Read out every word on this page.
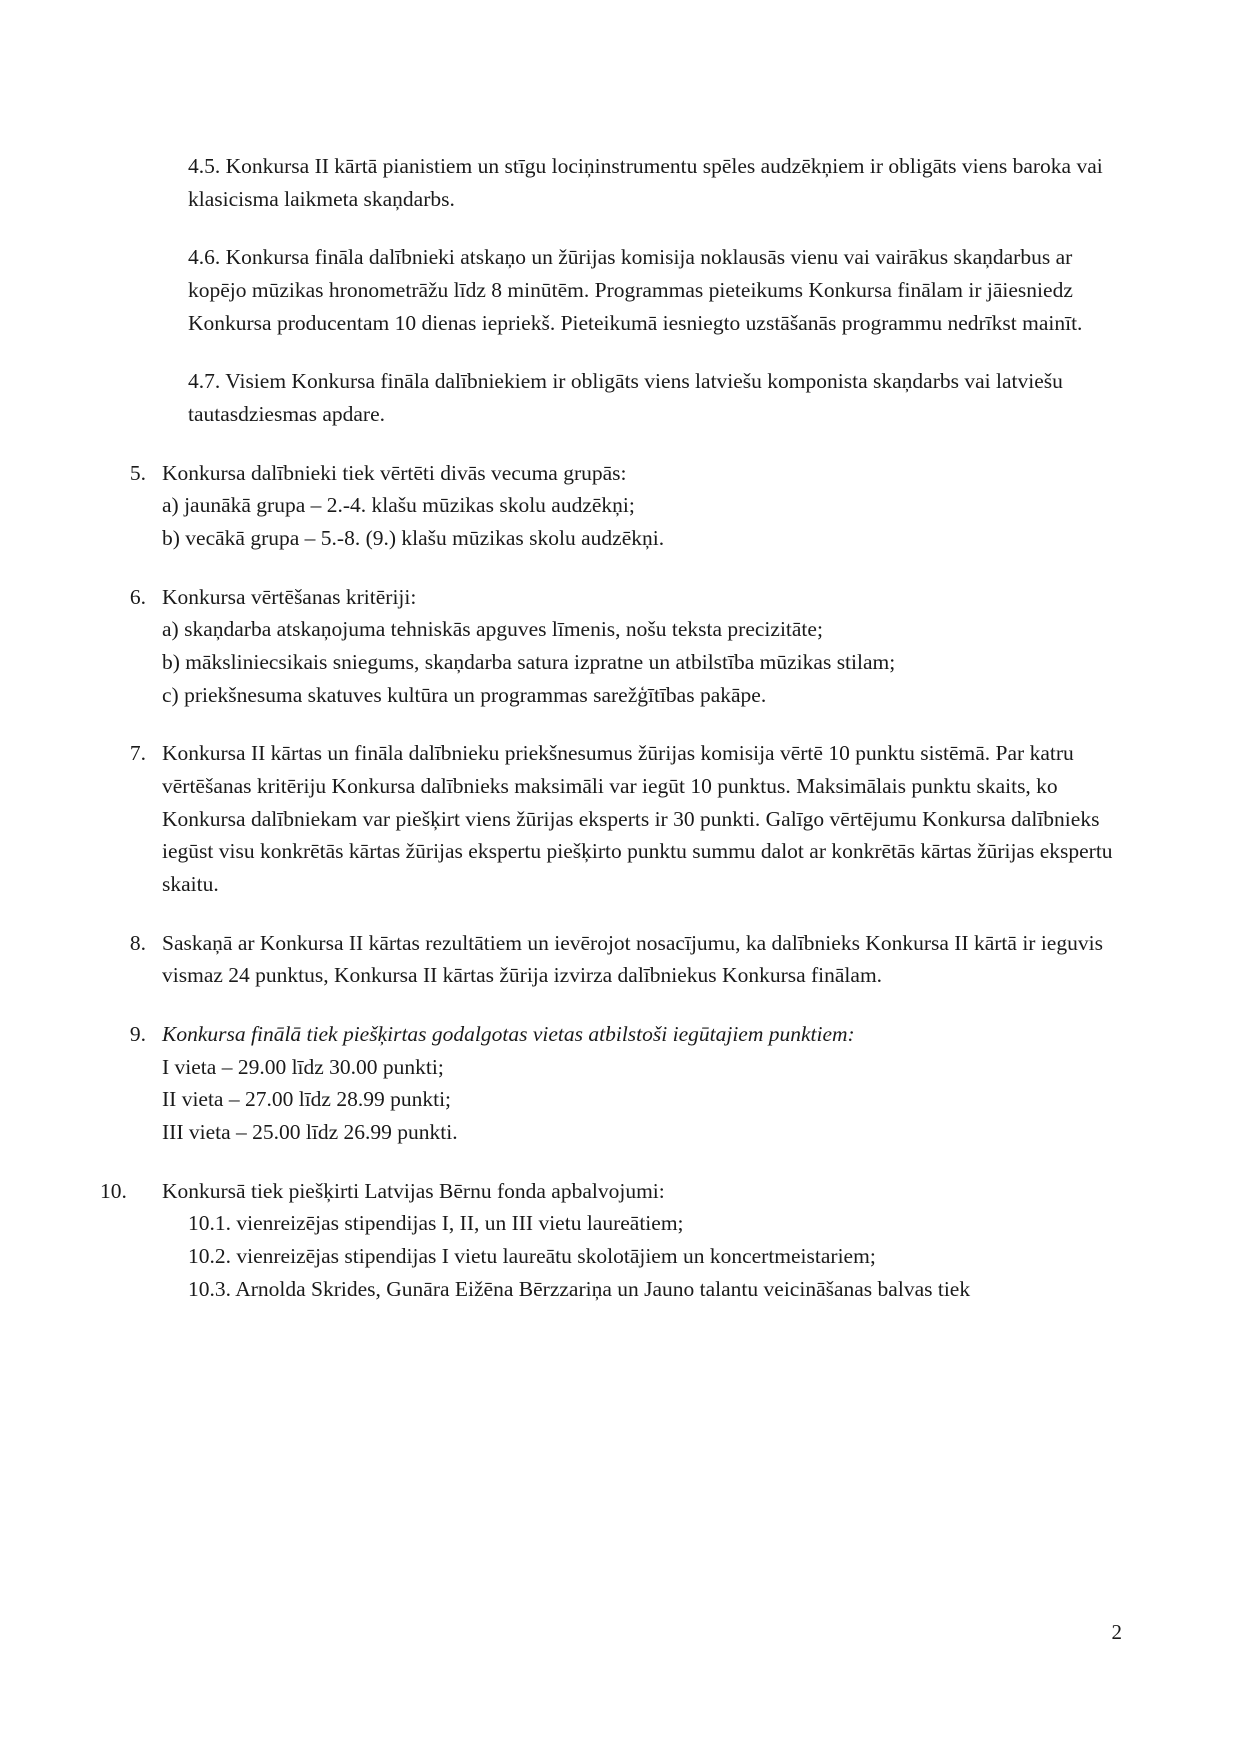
4.5. Konkursa II kārtā pianistiem un stīgu lociņinstrumentu spēles audzēkņiem ir obligāts viens baroka vai klasicisma laikmeta skaņdarbs.

4.6. Konkursa fināla dalībnieki atskaņo un žūrijas komisija noklausās vienu vai vairākus skaņdarbus ar kopējo mūzikas hronometrāžu līdz 8 minūtēm. Programmas pieteikums Konkursa finālam ir jāiesniedz Konkursa producentam 10 dienas iepriekš. Pieteikumā iesniegto uzstāšanās programmu nedrīkst mainīt.

4.7. Visiem Konkursa fināla dalībniekiem ir obligāts viens latviešu komponista skaņdarbs vai latviešu tautasdziesmas apdare.

5. Konkursa dalībnieki tiek vērtēti divās vecuma grupās:
a) jaunākā grupa – 2.-4. klašu mūzikas skolu audzēkņi;
b) vecākā grupa – 5.-8. (9.) klašu mūzikas skolu audzēkņi.
6. Konkursa vērtēšanas kritēriji:
a) skaņdarba atskaņojuma tehniskās apguves līmenis, nošu teksta precizitāte;
b) māksliniecsikais sniegums, skaņdarba satura izpratne un atbilstība mūzikas stilam;
c) priekšnesuma skatuves kultūra un programmas sarežģītības pakāpe.
7. Konkursa II kārtas un fināla dalībnieku priekšnesumus žūrijas komisija vērtē 10 punktu sistēmā. Par katru vērtēšanas kritēriju Konkursa dalībnieks maksimāli var iegūt 10 punktus. Maksimālais punktu skaits, ko Konkursa dalībniekam var piešķirt viens žūrijas eksperts ir 30 punkti. Galīgo vērtējumu Konkursa dalībnieks iegūst visu konkrētās kārtas žūrijas ekspertu piešķirto punktu summu dalot ar konkrētās kārtas žūrijas ekspertu skaitu.
8. Saskaņā ar Konkursa II kārtas rezultātiem un ievērojot nosacījumu, ka dalībnieks Konkursa II kārtā ir ieguvis vismaz 24 punktus, Konkursa II kārtas žūrija izvirza dalībniekus Konkursa finālam.
9. Konkursa finālā tiek piešķirtas godalgotas vietas atbilstoši iegūtajiem punktiem:
I vieta – 29.00 līdz 30.00 punkti;
II vieta – 27.00 līdz 28.99 punkti;
III vieta – 25.00 līdz 26.99 punkti.
10.	Konkursā tiek piešķirti Latvijas Bērnu fonda apbalvojumi:
10.1. vienreizējas stipendijas I, II, un III vietu laureātiem;
10.2. vienreizējas stipendijas I vietu laureātu skolotājiem un koncertmeistariem;
10.3. Arnolda Skrides, Gunāra Eižēna Bērzzariņa un Jauno talantu veicināšanas balvas tiek
2
